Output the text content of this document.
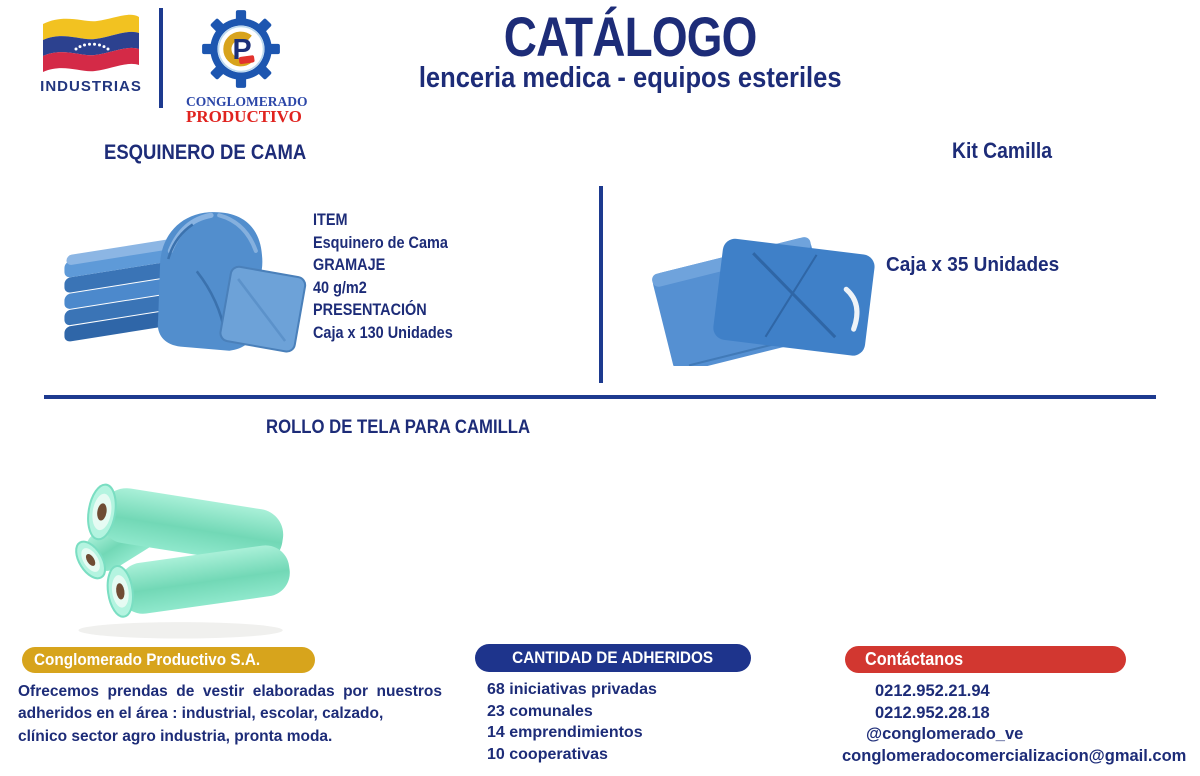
INDUSTRIAS
P
CONGLOMERADO
PRODUCTIVO
CATÁLOGO
lenceria medica - equipos esteriles
ESQUINERO DE CAMA
ITEM
Esquinero de Cama
GRAMAJE
40 g/m2
PRESENTACIÓN
Caja x 130 Unidades
Kit Camilla
Caja x 35 Unidades
ROLLO DE TELA PARA CAMILLA
Conglomerado Productivo S.A.
Ofrecemos prendas de vestir elaboradas por nuestros
adheridos en el área : industrial, escolar, calzado,
clínico sector agro industria, pronta moda.
CANTIDAD DE ADHERIDOS
68 iniciativas privadas
23 comunales
14 emprendimientos
10 cooperativas
Contáctanos
0212.952.21.94
0212.952.28.18
@conglomerado_ve
conglomeradocomercializacion@gmail.com
